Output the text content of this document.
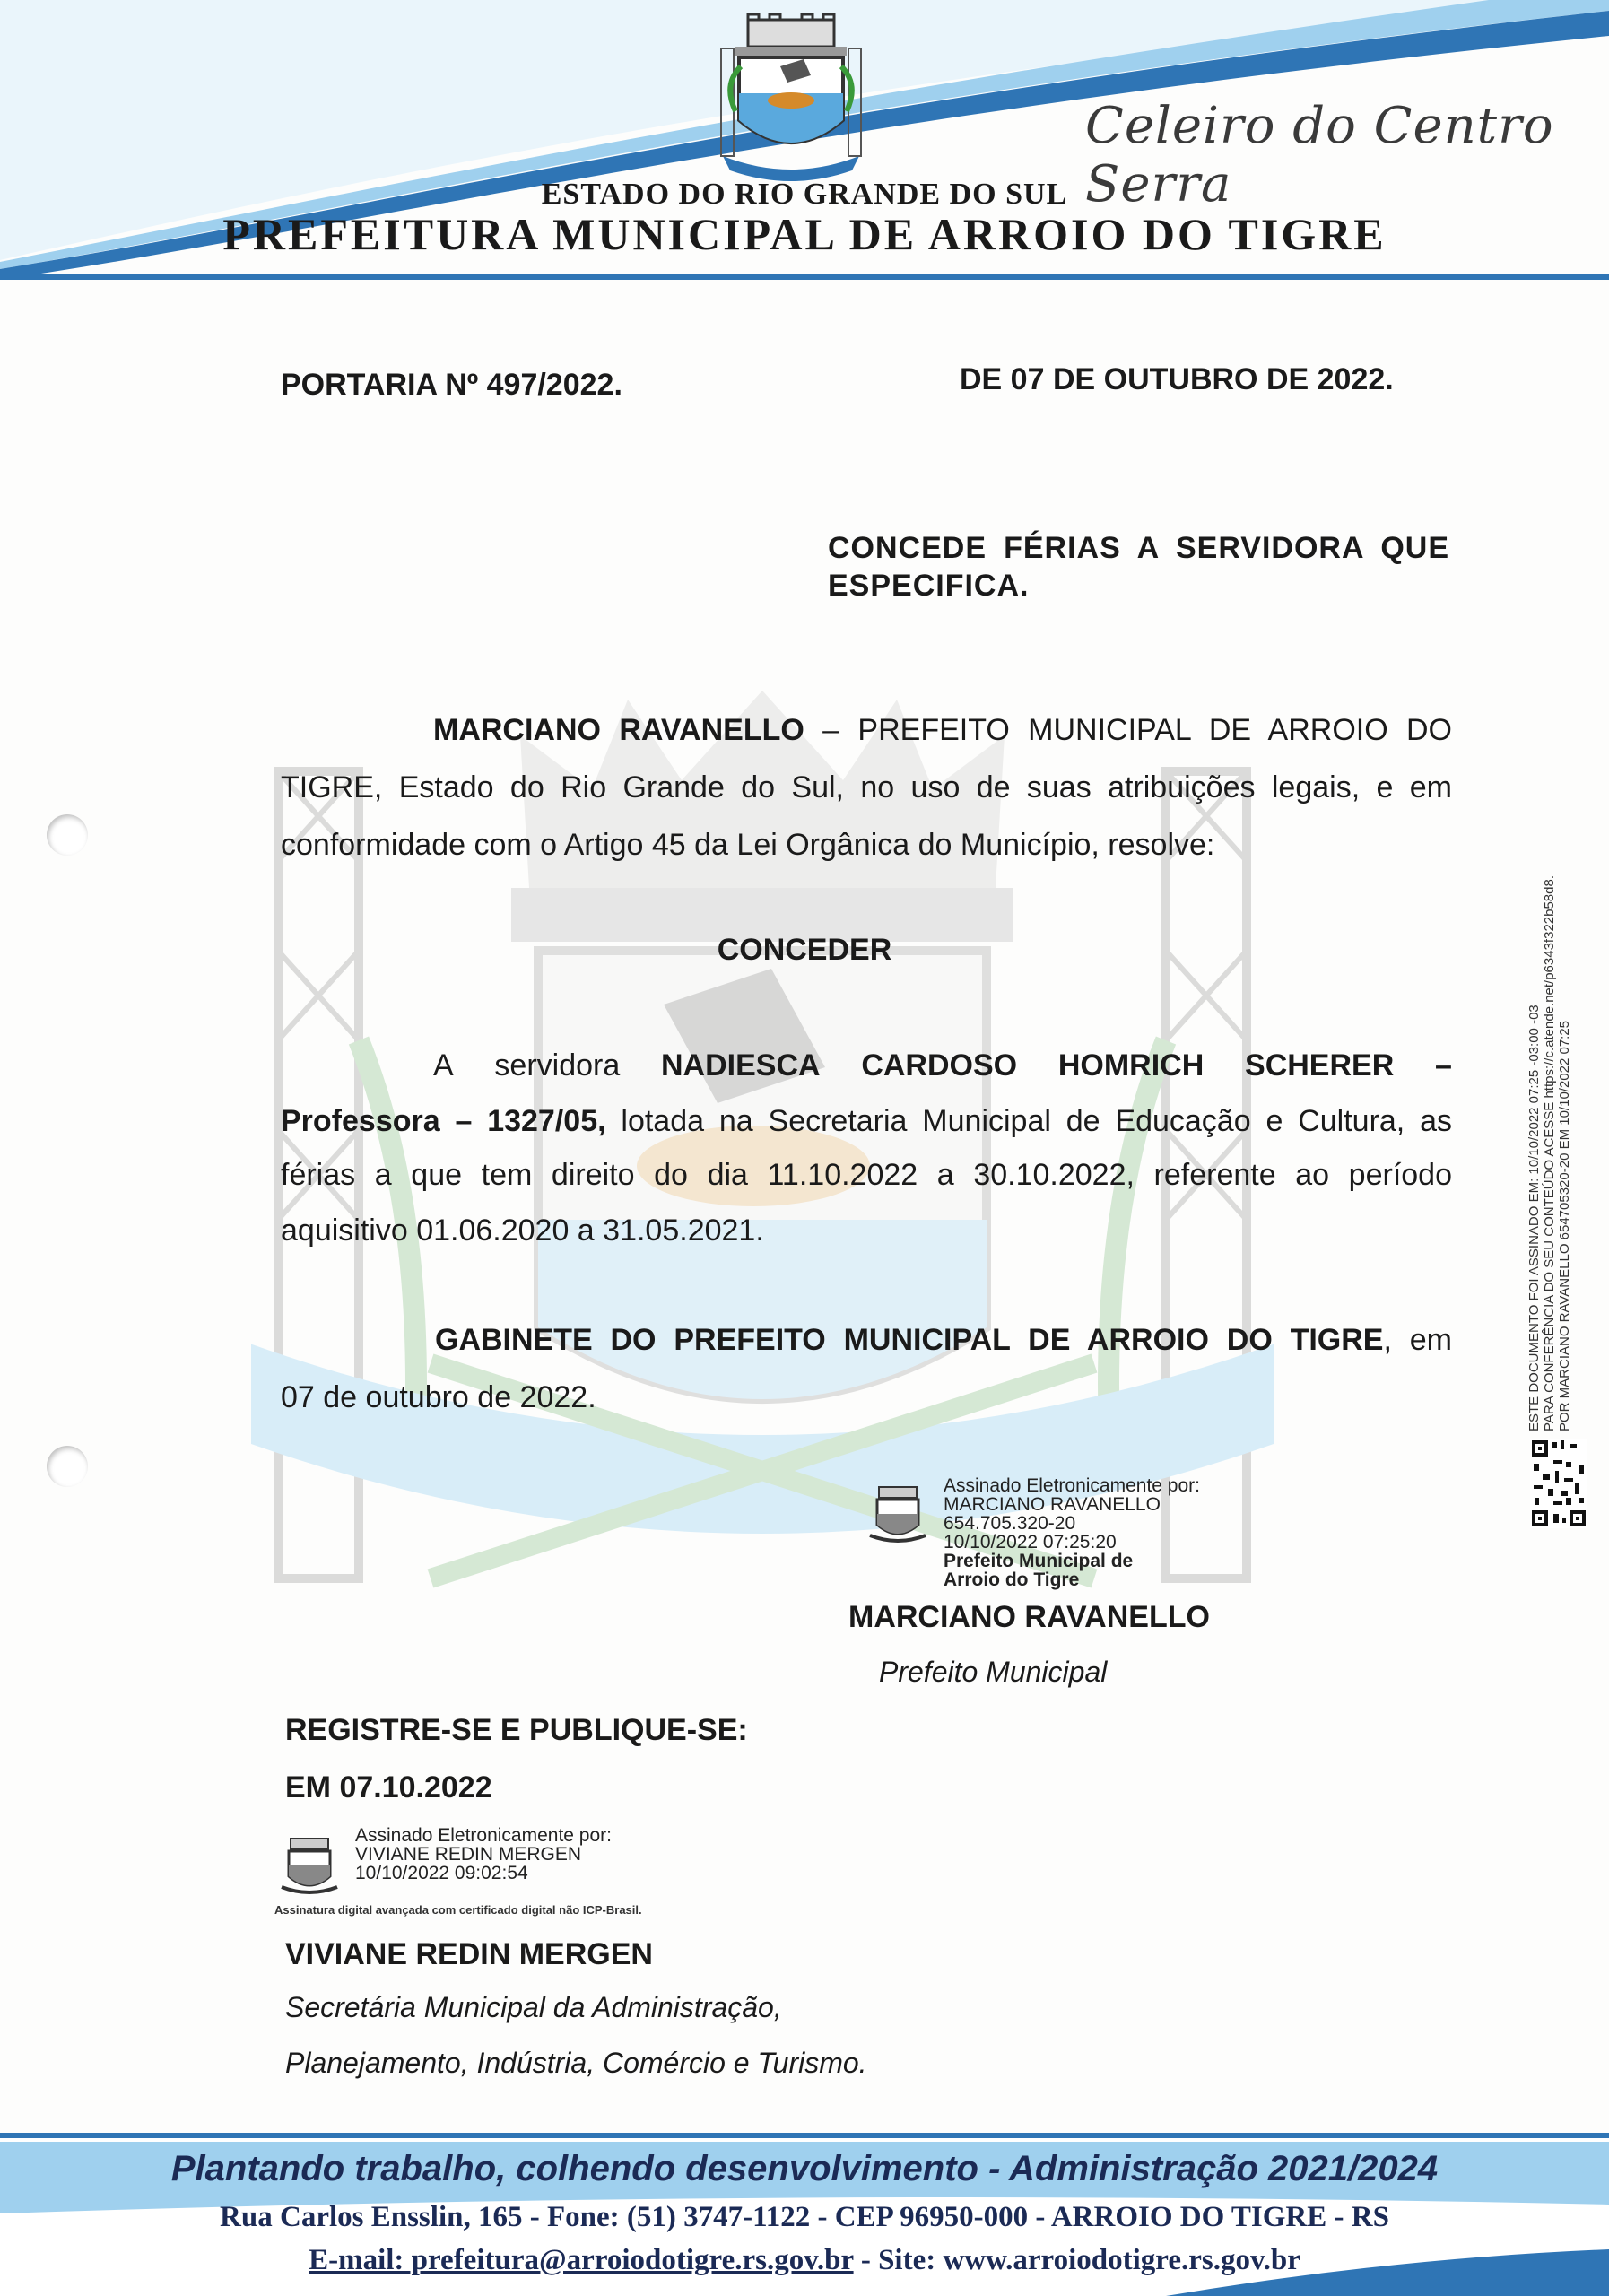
Celeiro do Centro Serra
ESTADO DO RIO GRANDE DO SUL
PREFEITURA MUNICIPAL DE ARROIO DO TIGRE
PORTARIA Nº 497/2022.	DE 07 DE OUTUBRO DE 2022.
CONCEDE FÉRIAS A SERVIDORA QUE ESPECIFICA.
MARCIANO RAVANELLO – PREFEITO MUNICIPAL DE ARROIO DO
TIGRE, Estado do Rio Grande do Sul, no uso de suas atribuições legais, e em
conformidade com o Artigo 45 da Lei Orgânica do Município, resolve:
CONCEDER
A servidora NADIESCA CARDOSO HOMRICH SCHERER –
Professora – 1327/05, lotada na Secretaria Municipal de Educação e Cultura, as
férias a que tem direito do dia 11.10.2022 a 30.10.2022, referente ao período
aquisitivo 01.06.2020 a 31.05.2021.
GABINETE DO PREFEITO MUNICIPAL DE ARROIO DO TIGRE, em
07 de outubro de 2022.
Assinado Eletronicamente por:
MARCIANO RAVANELLO
654.705.320-20
10/10/2022 07:25:20
Prefeito Municipal de
Arroio do Tigre
MARCIANO RAVANELLO
Prefeito Municipal
REGISTRE-SE E PUBLIQUE-SE:
EM 07.10.2022
Assinado Eletronicamente por:
VIVIANE REDIN MERGEN
10/10/2022 09:02:54
Assinatura digital avançada com certificado digital não ICP-Brasil.
VIVIANE REDIN MERGEN
Secretária Municipal da Administração,
Planejamento, Indústria, Comércio e Turismo.
ESTE DOCUMENTO FOI ASSINADO EM: 10/10/2022 07:25 -03:00 -03 PARA CONFERÊNCIA DO SEU CONTEÚDO ACESSE https://c.atende.net/p6343f322b58d8. POR MARCIANO RAVANELLO 654705320-20 EM 10/10/2022 07:25
Plantando trabalho, colhendo desenvolvimento - Administração 2021/2024
Rua Carlos Ensslin, 165 - Fone: (51) 3747-1122 - CEP 96950-000 - ARROIO DO TIGRE - RS
E-mail: prefeitura@arroiodotigre.rs.gov.br - Site: www.arroiodotigre.rs.gov.br
